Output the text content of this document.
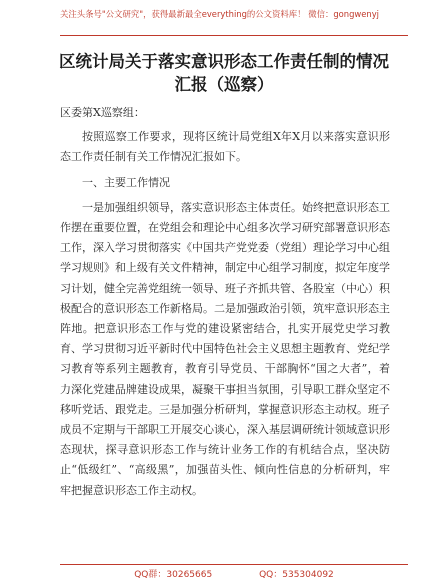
关注头条号"公文研究"，获得最新最全everything的公文资料库！ 微信：gongwenyj
区统计局关于落实意识形态工作责任制的情况
汇报（巡察）

区委第X巡察组：

按照巡察工作要求，现将区统计局党组X年X月以来落实意识形态工作责任制有关工作情况汇报如下。

一、主要工作情况

一是加强组织领导，落实意识形态主体责任。始终把意识形态工作摆在重要位置，在党组会和理论中心组多次学习研究部署意识形态工作，深入学习贯彻落实《中国共产党党委（党组）理论学习中心组学习规则》和上级有关文件精神，制定中心组学习制度，拟定年度学习计划，健全完善党组统一领导、班子齐抓共管、各股室（中心）积极配合的意识形态工作新格局。二是加强政治引领，筑牢意识形态主阵地。把意识形态工作与党的建设紧密结合，扎实开展党史学习教育、学习贯彻习近平新时代中国特色社会主义思想主题教育、党纪学习教育等系列主题教育，教育引导党员、干部胸怀“国之大者”，着力深化党建品牌建设成果，凝聚干事担当氛围，引导职工群众坚定不移听党话、跟党走。三是加强分析研判，掌握意识形态主动权。班子成员不定期与干部职工开展交心谈心，深入基层调研统计领域意识形态现状，探寻意识形态工作与统计业务工作的有机结合点，坚决防止“低级红”、“高级黑”，加强苗头性、倾向性信息的分析研判，牢牢把握意识形态工作主动权。

QQ群：30265665	QQ：535304092
